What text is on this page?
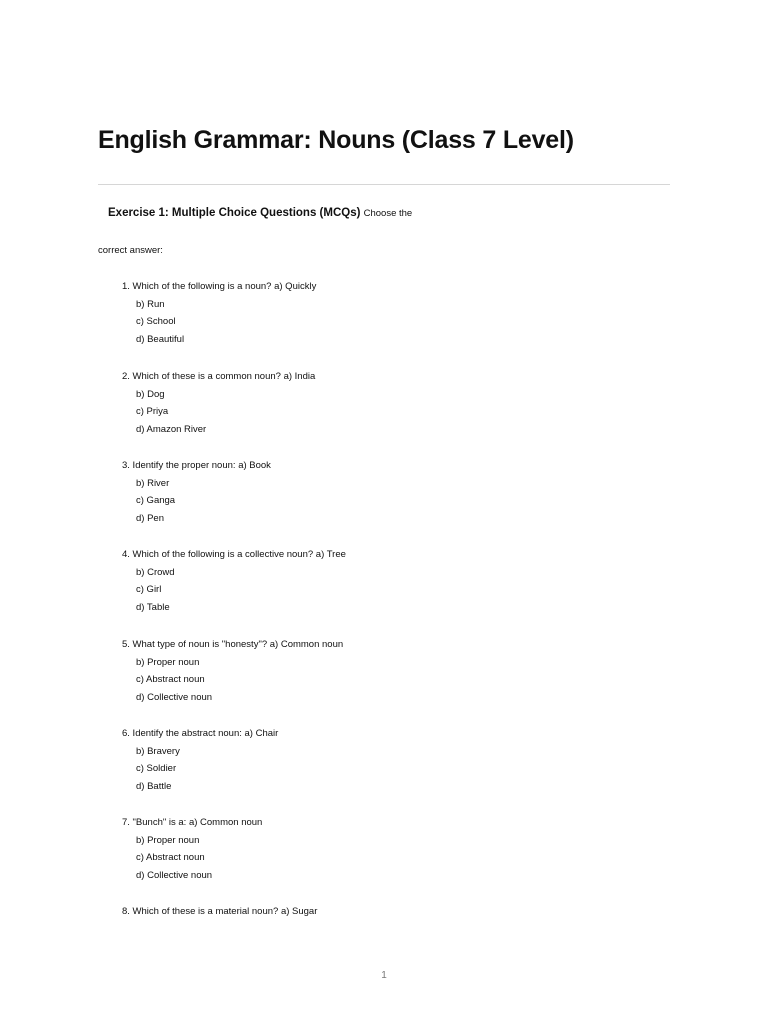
English Grammar: Nouns (Class 7 Level)
Exercise 1: Multiple Choice Questions (MCQs) Choose the
correct answer:
1. Which of the following is a noun? a) Quickly
b) Run
c) School
d) Beautiful
2. Which of these is a common noun? a) India
b) Dog
c) Priya
d) Amazon River
3. Identify the proper noun: a) Book
b) River
c) Ganga
d) Pen
4. Which of the following is a collective noun? a) Tree
b) Crowd
c) Girl
d) Table
5. What type of noun is "honesty"? a) Common noun
b) Proper noun
c) Abstract noun
d) Collective noun
6. Identify the abstract noun: a) Chair
b) Bravery
c) Soldier
d) Battle
7. "Bunch" is a: a) Common noun
b) Proper noun
c) Abstract noun
d) Collective noun
8. Which of these is a material noun? a) Sugar
1
